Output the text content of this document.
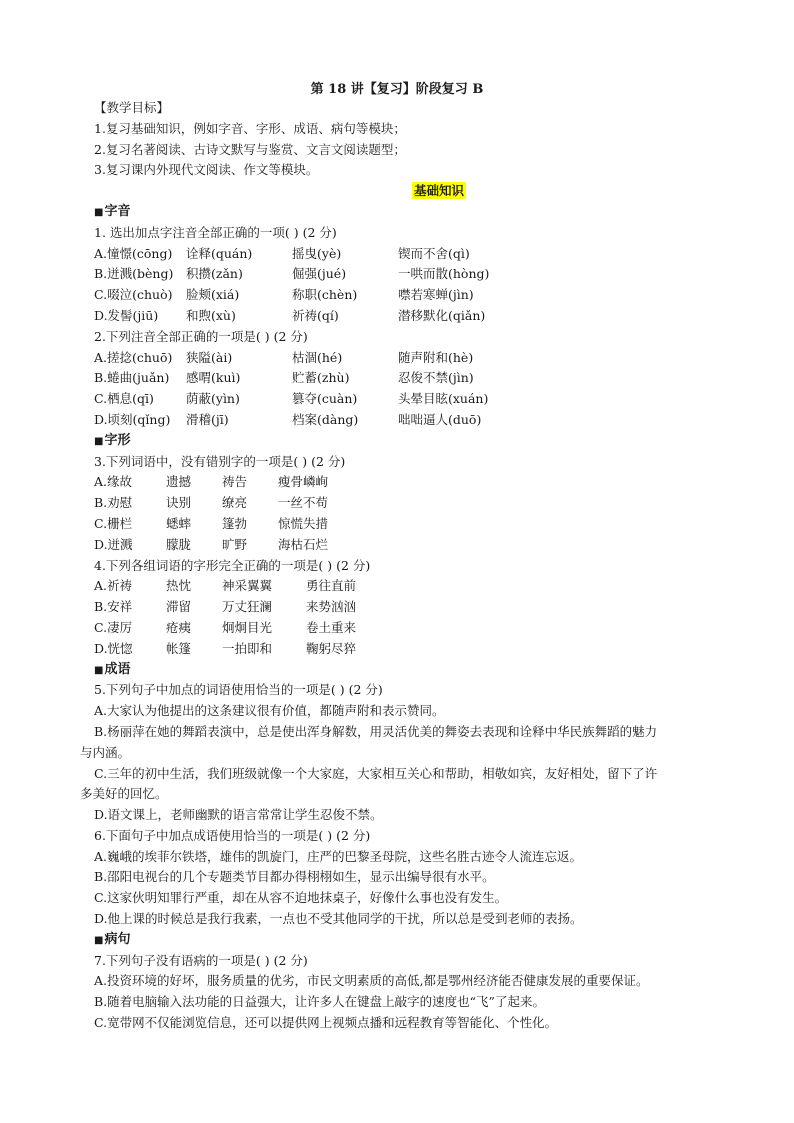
第 18 讲【复习】阶段复习 B
【教学目标】
1.复习基础知识，例如字音、字形、成语、病句等模块；
2.复习名著阅读、古诗文默写与鉴赏、文言文阅读题型；
3.复习课内外现代文阅读、作文等模块。
基础知识
■字音
1. 选出加点字注音全部正确的一项( ) (2 分)
A.憧憬(cōng)	诠释(quán)	摇曳(yè)	锲而不舍(qì)
B.迸溅(bèng)	积攒(zǎn)	倔强(jué)	一哄而散(hòng)
C.啜泣(chuò)	脸颊(xiá)	称职(chèn)	噤若寒蝉(jìn)
D.发髻(jiū)	和煦(xù)	祈祷(qí)	潜移默化(qiǎn)
2.下列注音全部正确的一项是( ) (2 分)
A.搓捻(chuō)	狭隘(ài)	枯涸(hé)	随声附和(hè)
B.蜷曲(juǎn)	感喟(kuì)	贮蓄(zhù)	忍俊不禁(jìn)
C.栖息(qī)	荫蔽(yìn)	篡夺(cuàn)	头晕目眩(xuán)
D.顷刻(qǐng)	滑稽(jī)	档案(dàng)	咄咄逼人(duō)
■字形
3.下列词语中，没有错别字的一项是( ) (2 分)
A.缘故	遗撼	祷告	瘦骨嶙峋
B.劝慰	诀别	缭亮	一丝不苟
C.栅栏	蟋蟀	篷勃	惊慌失措
D.迸溅	朦胧	旷野	海枯石烂
4.下列各组词语的字形完全正确的一项是( ) (2 分)
A.祈祷	热忱	神采翼翼	勇往直前
B.安祥	滞留	万丈狂澜	来势汹汹
C.凄厉	疮痍	炯炯目光	卷土重来
D.恍惚	帐篷	一拍即和	鞠躬尽猝
■成语
5.下列句子中加点的词语使用恰当的一项是( ) (2 分)
A.大家认为他提出的这条建议很有价值，都随声附和表示赞同。
B.杨丽萍在她的舞蹈表演中，总是使出浑身解数，用灵活优美的舞姿去表现和诠释中华民族舞蹈的魅力
与内涵。
C.三年的初中生活，我们班级就像一个大家庭，大家相互关心和帮助，相敬如宾，友好相处，留下了许
多美好的回忆。
D.语文课上，老师幽默的语言常常让学生忍俊不禁。
6.下面句子中加点成语使用恰当的一项是( ) (2 分)
A.巍峨的埃菲尔铁塔，雄伟的凯旋门，庄严的巴黎圣母院，这些名胜古迹令人流连忘返。
B.邵阳电视台的几个专题类节目都办得栩栩如生，显示出编导很有水平。
C.这家伙明知罪行严重，却在从容不迫地抹桌子，好像什么事也没有发生。
D.他上课的时候总是我行我素，一点也不受其他同学的干扰，所以总是受到老师的表扬。
■病句
7.下列句子没有语病的一项是( ) (2 分)
A.投资环境的好坏，服务质量的优劣，市民文明素质的高低,都是鄂州经济能否健康发展的重要保证。
B.随着电脑输入法功能的日益强大，让许多人在键盘上敲字的速度也“飞”了起来。
C.宽带网不仅能浏览信息，还可以提供网上视频点播和远程教育等智能化、个性化。
